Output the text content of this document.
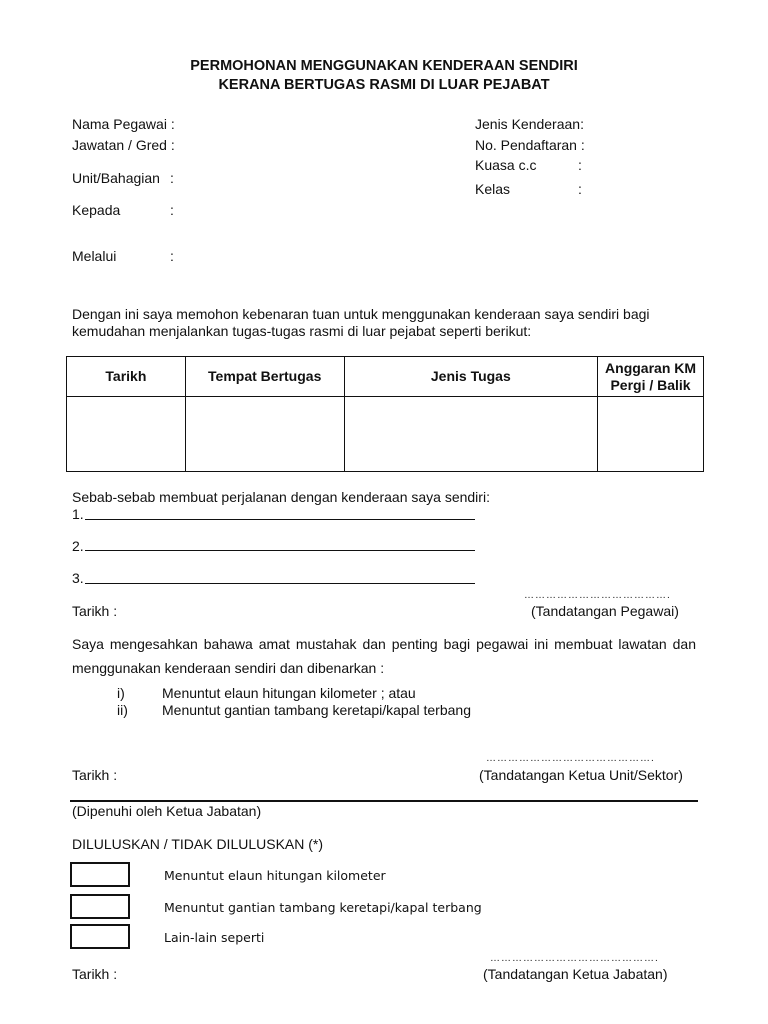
PERMOHONAN MENGGUNAKAN KENDERAAN SENDIRI
KERANA BERTUGAS RASMI DI LUAR PEJABAT
Nama Pegawai :
Jawatan / Gred :
Unit/Bahagian :
Kepada	:
Melalui	:
Jenis Kenderaan:
No. Pendaftaran :
Kuasa c.c	:
Kelas	:
Dengan ini saya memohon kebenaran tuan untuk menggunakan kenderaan saya sendiri bagi
kemudahan menjalankan tugas-tugas rasmi di luar pejabat seperti berikut:
Tarikh	Tempat Bertugas	Jenis Tugas	Anggaran KM
Pergi / Balik

Sebab-sebab membuat perjalanan dengan kenderaan saya sendiri:
1.
2.
3.
………………………………….
Tarikh :	(Tandatangan Pegawai)
Saya mengesahkan bahawa amat mustahak dan penting bagi pegawai ini membuat lawatan dan
menggunakan kenderaan sendiri dan dibenarkan :
i)	Menuntut elaun hitungan kilometer ; atau
ii) Menuntut gantian tambang keretapi/kapal terbang
……………………………………….
Tarikh :	(Tandatangan Ketua Unit/Sektor)
(Dipenuhi oleh Ketua Jabatan)
DILULUSKAN / TIDAK DILULUSKAN (*)
Menuntut elaun hitungan kilometer
Menuntut gantian tambang keretapi/kapal terbang
Lain-lain seperti
……………………………………….
Tarikh :	(Tandatangan Ketua Jabatan)
